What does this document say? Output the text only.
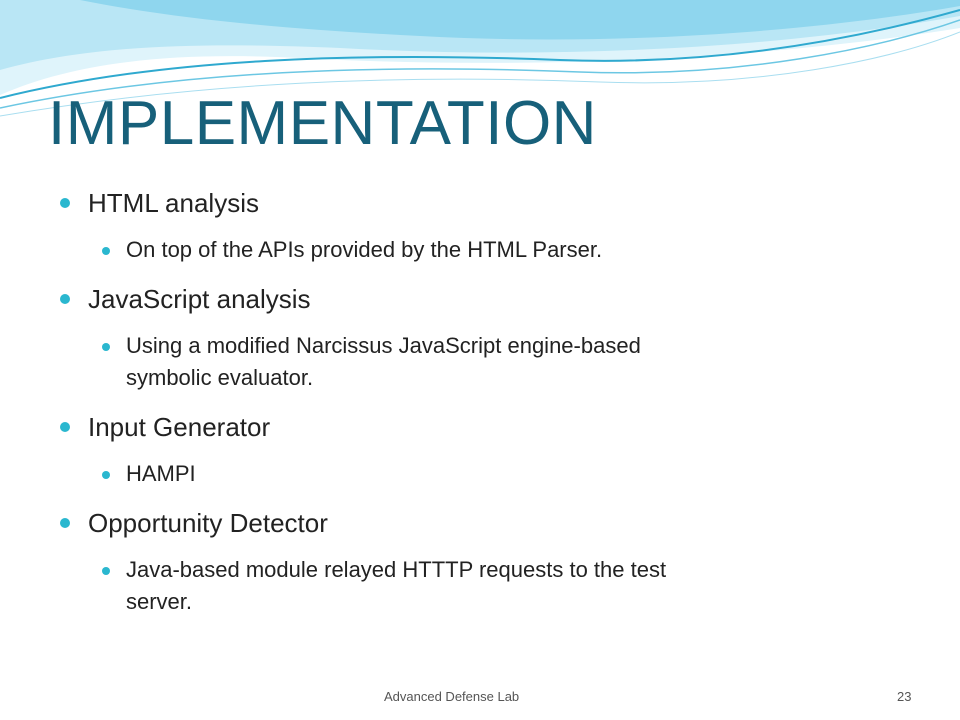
IMPLEMENTATION
HTML analysis
On top of the APIs provided by the HTML Parser.
JavaScript analysis
Using a modified Narcissus JavaScript engine-based
symbolic evaluator.
Input Generator
HAMPI
Opportunity Detector
Java-based module relayed HTTTP requests to the test
server.
Advanced Defense Lab	23
